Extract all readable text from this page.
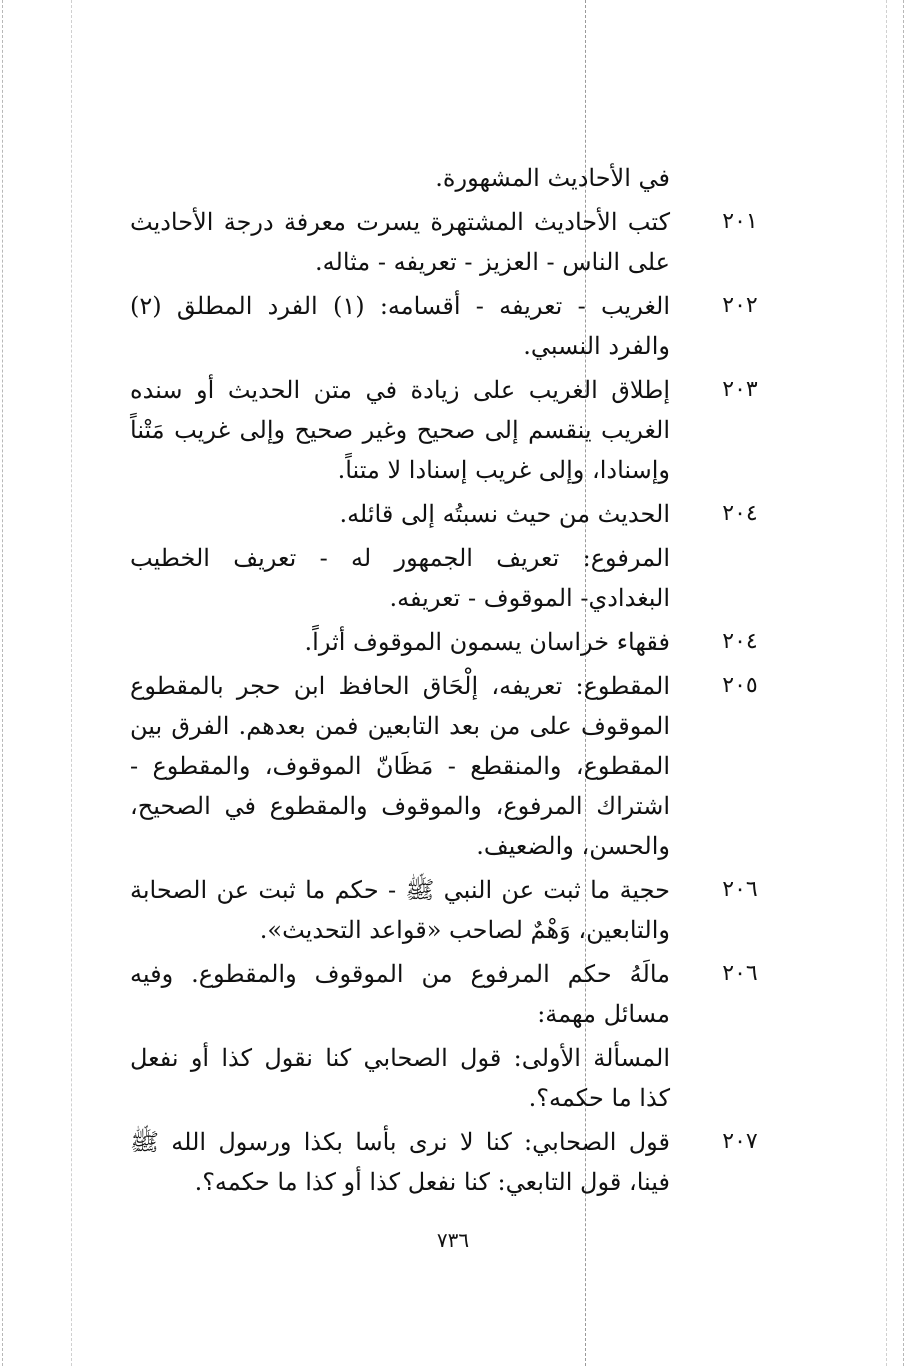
في الأحاديث المشهورة.
٢٠١
كتب الأحاديث المشتهرة يسرت معرفة درجة الأحاديث على الناس - العزيز - تعريفه - مثاله.
٢٠٢
الغريب - تعريفه - أقسامه: (١) الفرد المطلق (٢) والفرد النسبي.
٢٠٣
إطلاق الغريب على زيادة في متن الحديث أو سنده الغريب ينقسم إلى صحيح وغير صحيح وإلى غريب مَتْناً وإسنادا، وإلى غريب إسنادا لا متناً.
٢٠٤
الحديث من حيث نسبتُه إلى قائله.
المرفوع: تعريف الجمهور له - تعريف الخطيب البغدادي- الموقوف - تعريفه.
٢٠٤
فقهاء خراسان يسمون الموقوف أثراً.
٢٠٥
المقطوع: تعريفه، إلْحَاق الحافظ ابن حجر بالمقطوع الموقوف على من بعد التابعين فمن بعدهم. الفرق بين المقطوع، والمنقطع - مَظَانّ الموقوف، والمقطوع - اشتراك المرفوع، والموقوف والمقطوع في الصحيح، والحسن، والضعيف.
٢٠٦
حجية ما ثبت عن النبي ﷺ - حكم ما ثبت عن الصحابة والتابعين، وَهْمٌ لصاحب «قواعد التحديث».
٢٠٦
مالَهُ حكم المرفوع من الموقوف والمقطوع. وفيه مسائل مهمة:
المسألة الأولى: قول الصحابي كنا نقول كذا أو نفعل كذا ما حكمه؟.
٢٠٧
قول الصحابي: كنا لا نرى بأسا بكذا ورسول الله ﷺ فينا، قول التابعي: كنا نفعل كذا أو كذا ما حكمه؟.
٧٣٦
